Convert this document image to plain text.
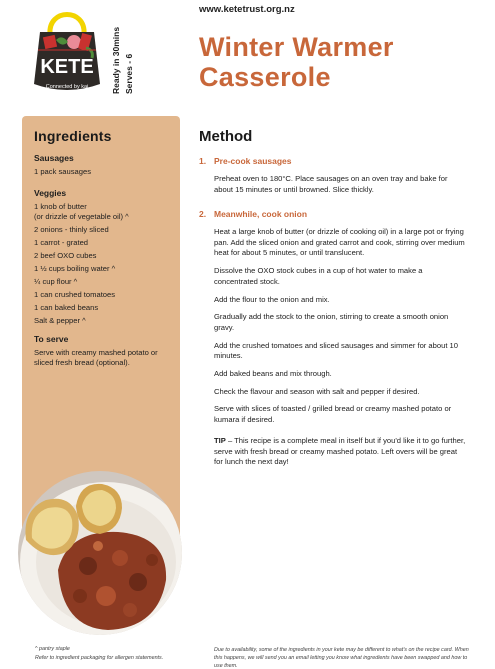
KETE
Connected by kai	Ready in 30mins Serves - 6
www.ketetrust.org.nz
Winter Warmer
Casserole
Ingredients
Sausages
1 pack sausages
Veggies
1 knob of butter
(or drizzle of vegetable oil) ^
2 onions - thinly sliced
1 carrot - grated
2 beef OXO cubes
1 ½ cups boiling water ^
¼ cup flour ^
1 can crushed tomatoes
1 can baked beans
Salt & pepper ^
To serve
Serve with creamy mashed potato or sliced fresh bread (optional).
Method
1. Pre-cook sausages
Preheat oven to 180°C. Place sausages on an oven tray and bake for about 15 minutes or until browned. Slice thickly.
2. Meanwhile, cook onion
Heat a large knob of butter (or drizzle of cooking oil) in a large pot or frying pan. Add the sliced onion and grated carrot and cook, stirring over medium heat for about 5 minutes, or until translucent.
Dissolve the OXO stock cubes in a cup of hot water to make a concentrated stock.
Add the flour to the onion and mix.
Gradually add the stock to the onion, stirring to create a smooth onion gravy.
Add the crushed tomatoes and sliced sausages and simmer for about 10 minutes.
Add baked beans and mix through.
Check the flavour and season with salt and pepper if desired.
Serve with slices of toasted / grilled bread or creamy mashed potato or kumara if desired.
TIP – This recipe is a complete meal in itself but if you'd like it to go further, serve with fresh bread or creamy mashed potato. Left overs will be great for lunch the next day!
^ pantry staple
Refer to ingredient packaging for allergen statements.
Due to availability, some of the ingredients in your kete may be different to what's on the recipe card. When this happens, we will send you an email letting you know what ingredients have been swapped and how to use them.
